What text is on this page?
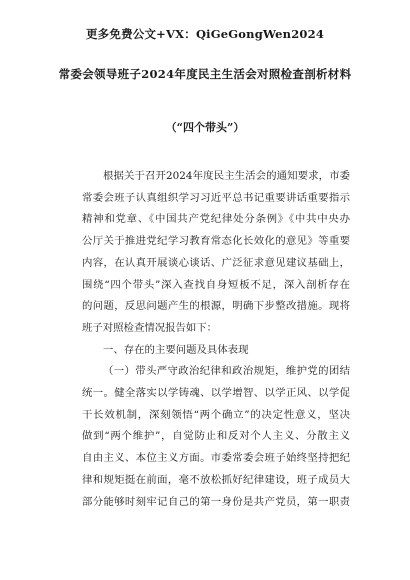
更多免费公文+VX：QiGeGongWen2024
常委会领导班子2024年度民主生活会对照检查剖析材料
（“四个带头”）
根据关于召开2024年度民主生活会的通知要求，市委
常委会班子认真组织学习习近平总书记重要讲话重要指示
精神和党章、《中国共产党纪律处分条例》《中共中央办
公厅关于推进党纪学习教育常态化长效化的意见》等重要
内容，在认真开展谈心谈话、广泛征求意见建议基础上，
围绕“四个带头”深入查找自身短板不足，深入剖析存在
的问题，反思问题产生的根源，明确下步整改措施。现将
班子对照检查情况报告如下：
一、存在的主要问题及具体表现
（一）带头严守政治纪律和政治规矩，维护党的团结
统一。健全落实以学铸魂、以学增智、以学正风、以学促
干长效机制，深刻领悟“两个确立”的决定性意义，坚决
做到“两个维护”，自觉防止和反对个人主义、分散主义
自由主义、本位主义方面。市委常委会班子始终坚持把纪
律和规矩挺在前面，毫不放松抓好纪律建设，班子成员大
部分能够时刻牢记自己的第一身份是共产党员，第一职责
